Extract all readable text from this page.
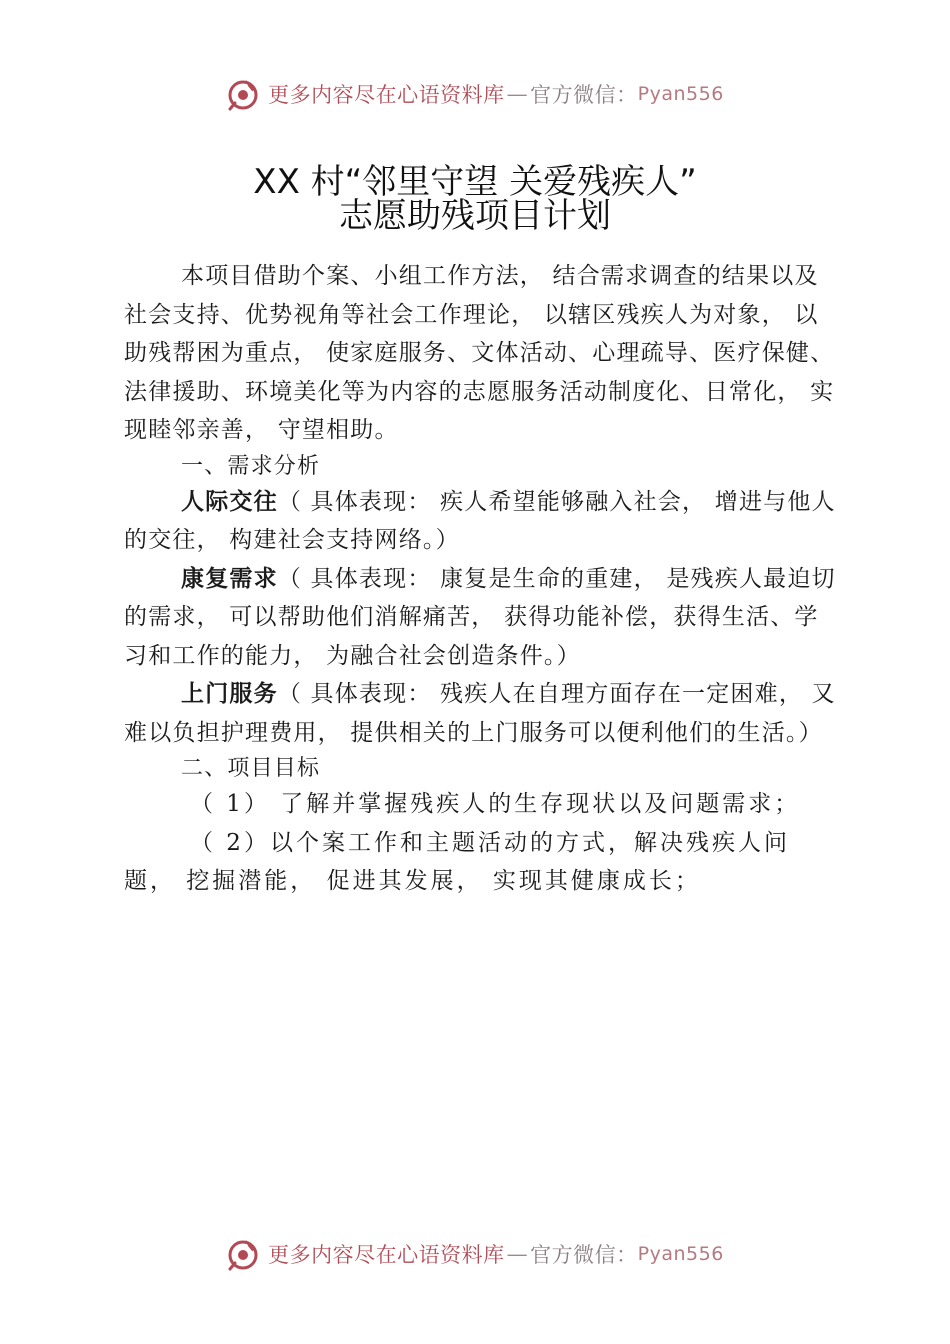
更多内容尽在心语资料库 — 官方微信： Pyan556
XX 村“邻里守望 关爱残疾人”
志愿助残项目计划

本项目借助个案、小组工作方法， 结合需求调查的结果以及社会支持、优势视角等社会工作理论， 以辖区残疾人为对象， 以助残帮困为重点， 使家庭服务、文体活动、心理疏导、医疗保健、法律援助、环境美化等为内容的志愿服务活动制度化、日常化， 实现睦邻亲善， 守望相助。

一、需求分析

人际交往（ 具体表现： 疾人希望能够融入社会， 增进与他人的交往， 构建社会支持网络。）

康复需求（ 具体表现： 康复是生命的重建， 是残疾人最迫切的需求， 可以帮助他们消解痛苦， 获得功能补偿，获得生活、学习和工作的能力， 为融合社会创造条件。）

上门服务（ 具体表现： 残疾人在自理方面存在一定困难， 又难以负担护理费用， 提供相关的上门服务可以便利他们的生活。）

二、项目目标

（ 1） 了解并掌握残疾人的生存现状以及问题需求；

（ 2）以个案工作和主题活动的方式，解决残疾人问题， 挖掘潜能， 促进其发展， 实现其健康成长；

更多内容尽在心语资料库 — 官方微信： Pyan556
